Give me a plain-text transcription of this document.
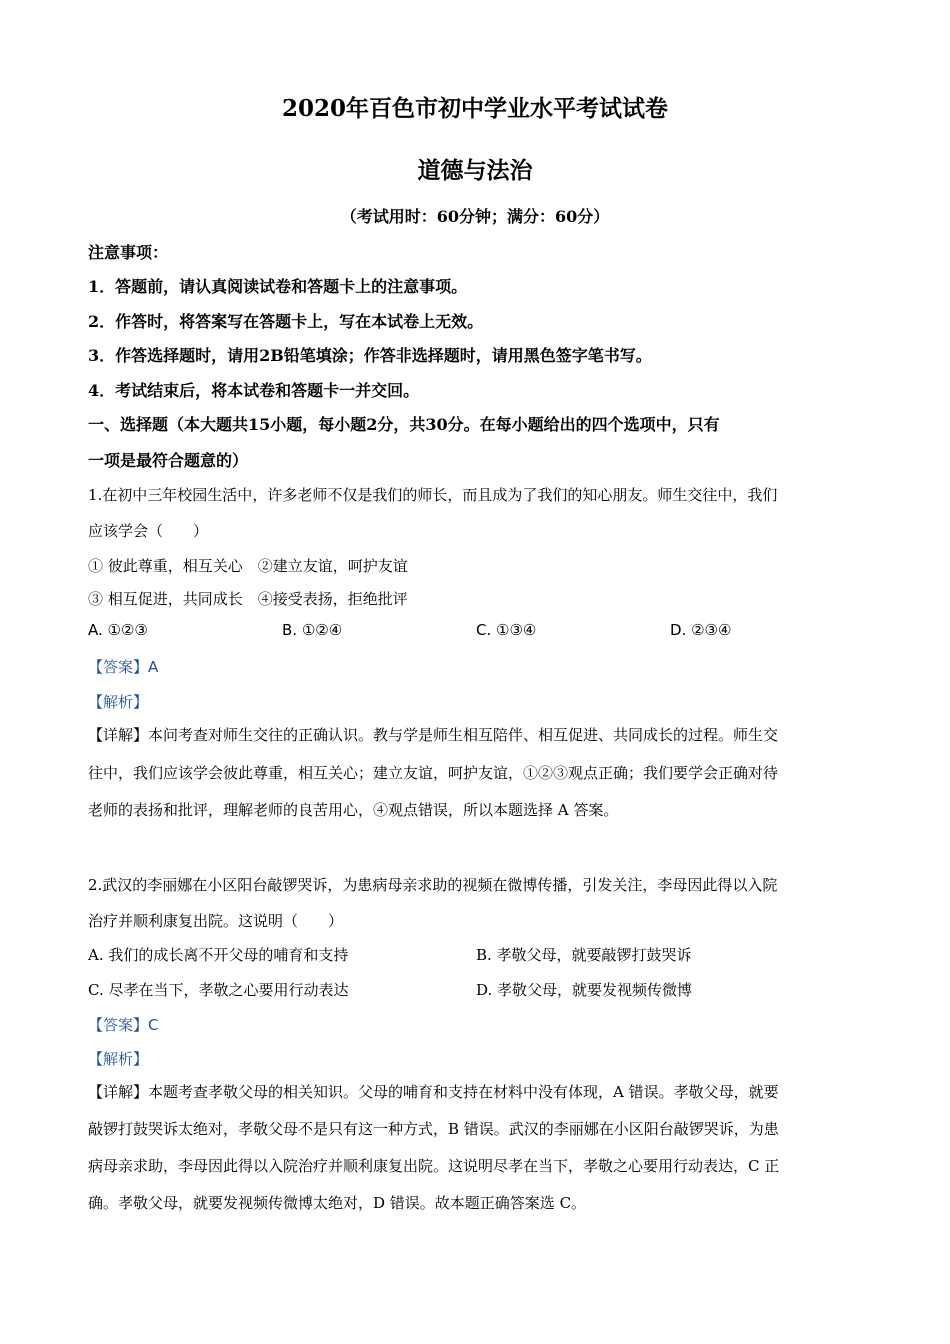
2020年百色市初中学业水平考试试卷
道德与法治
（考试用时：60分钟；满分：60分）
注意事项：
1．答题前，请认真阅读试卷和答题卡上的注意事项。
2．作答时，将答案写在答题卡上，写在本试卷上无效。
3．作答选择题时，请用2B铅笔填涂；作答非选择题时，请用黑色签字笔书写。
4．考试结束后，将本试卷和答题卡一并交回。
一、选择题（本大题共15小题，每小题2分，共30分。在每小题给出的四个选项中，只有
一项是最符合题意的）
1.在初中三年校园生活中，许多老师不仅是我们的师长，而且成为了我们的知心朋友。师生交往中，我们
应该学会（　　）
① 彼此尊重，相互关心　②建立友谊，呵护友谊
③ 相互促进，共同成长　④接受表扬，拒绝批评
A. ①②③	B. ①②④	C. ①③④	D. ②③④
【答案】A
【解析】
【详解】本问考查对师生交往的正确认识。教与学是师生相互陪伴、相互促进、共同成长的过程。师生交
往中，我们应该学会彼此尊重，相互关心；建立友谊，呵护友谊，①②③观点正确；我们要学会正确对待
老师的表扬和批评，理解老师的良苦用心，④观点错误，所以本题选择 A 答案。
2.武汉的李丽娜在小区阳台敲锣哭诉，为患病母亲求助的视频在微博传播，引发关注，李母因此得以入院
治疗并顺利康复出院。这说明（　　）
A. 我们的成长离不开父母的哺育和支持	B. 孝敬父母，就要敲锣打鼓哭诉
C. 尽孝在当下，孝敬之心要用行动表达	D. 孝敬父母，就要发视频传微博
【答案】C
【解析】
【详解】本题考查孝敬父母的相关知识。父母的哺育和支持在材料中没有体现，A 错误。孝敬父母，就要
敲锣打鼓哭诉太绝对，孝敬父母不是只有这一种方式，B 错误。武汉的李丽娜在小区阳台敲锣哭诉，为患
病母亲求助，李母因此得以入院治疗并顺利康复出院。这说明尽孝在当下，孝敬之心要用行动表达，C 正
确。孝敬父母，就要发视频传微博太绝对，D 错误。故本题正确答案选 C。
